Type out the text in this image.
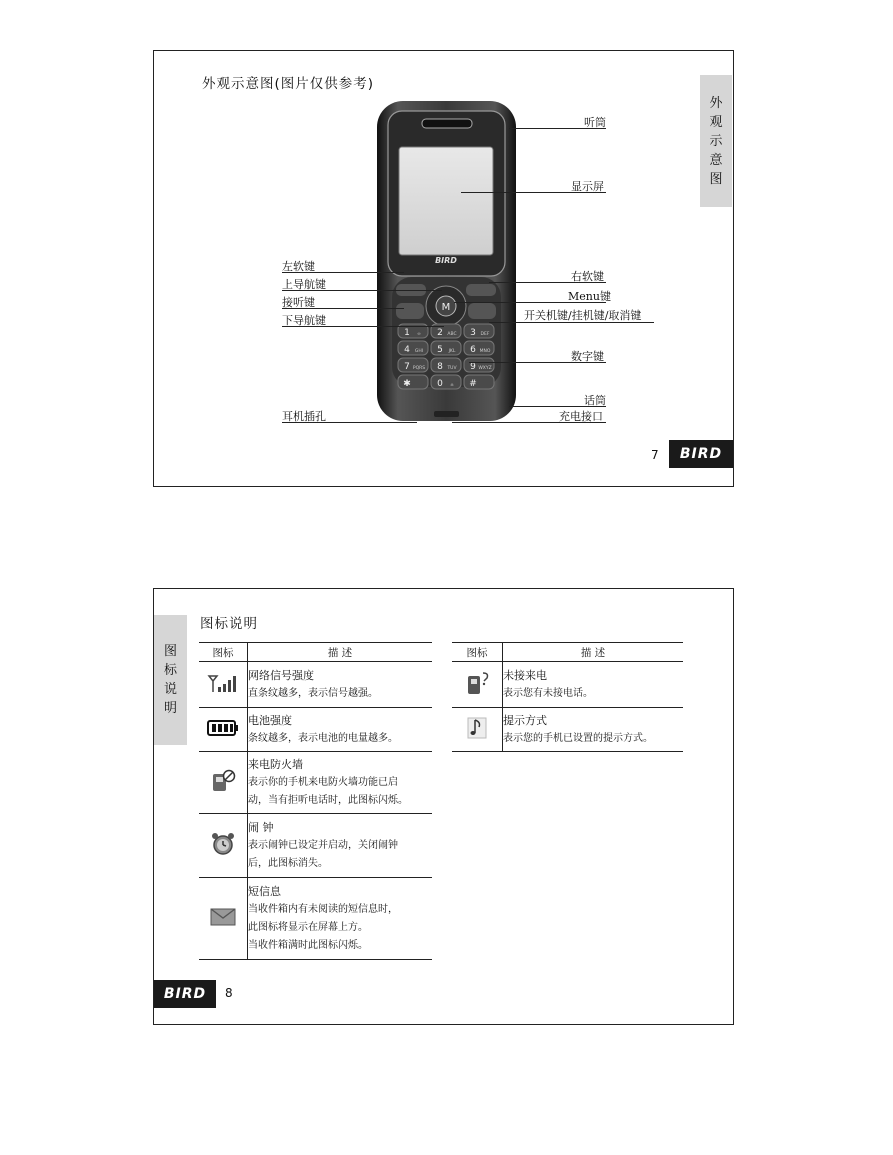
外观示意图(图片仅供参考)
外
观
示
意
图
BIRD
M
1 ∞ 2 ABC 3 DEF
4 GHI 5 JKL 6 MNO
7 PQRS 8 TUV 9 WXYZ
✱	0 ± #
听筒
显示屏
右软键
Menu键
开关机键/挂机键/取消键
数字键
话筒
充电接口
左软键
上导航键
接听键
下导航键
耳机插孔
7 BIRD
图标说明
图
标
说
明
图标	描 述

网络信号强度
直条纹越多，表示信号越强。

电池强度
条纹越多，表示电池的电量越多。

来电防火墙
表示你的手机来电防火墙功能已启
动，当有拒听电话时，此图标闪烁。

闹 钟
表示闹钟已设定并启动，关闭闹钟
后，此图标消失。

短信息
当收件箱内有未阅读的短信息时，
此图标将显示在屏幕上方。
当收件箱满时此图标闪烁。
图标	描 述

未接来电
表示您有未接电话。

提示方式
表示您的手机已设置的提示方式。
BIRD 8
